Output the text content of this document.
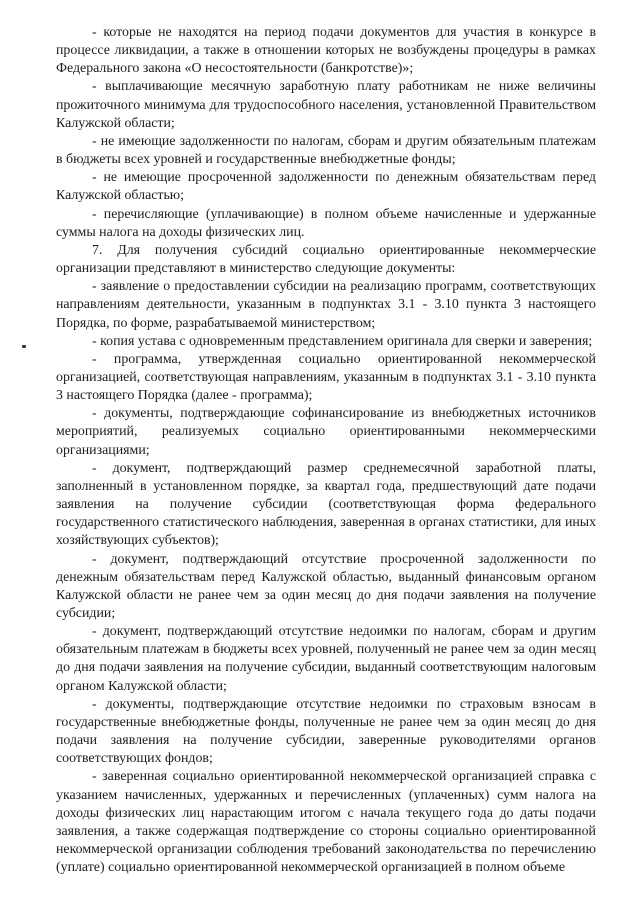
- которые не находятся на период подачи документов для участия в конкурсе в процессе ликвидации, а также в отношении которых не возбуждены процедуры в рамках Федерального закона «О несостоятельности (банкротстве)»;

- выплачивающие месячную заработную плату работникам не ниже величины прожиточного минимума для трудоспособного населения, установленной Правительством Калужской области;

- не имеющие задолженности по налогам, сборам и другим обязательным платежам в бюджеты всех уровней и государственные внебюджетные фонды;

- не имеющие просроченной задолженности по денежным обязательствам перед Калужской областью;

- перечисляющие (уплачивающие) в полном объеме начисленные и удержанные суммы налога на доходы физических лиц.

7. Для получения субсидий социально ориентированные некоммерческие организации представляют в министерство следующие документы:

- заявление о предоставлении субсидии на реализацию программ, соответствующих направлениям деятельности, указанным в подпунктах 3.1 - 3.10 пункта 3 настоящего Порядка, по форме, разрабатываемой министерством;

- копия устава с одновременным представлением оригинала для сверки и заверения;

- программа, утвержденная социально ориентированной некоммерческой организацией, соответствующая направлениям, указанным в подпунктах 3.1 - 3.10 пункта 3 настоящего Порядка (далее - программа);

- документы, подтверждающие софинансирование из внебюджетных источников мероприятий, реализуемых социально ориентированными некоммерческими организациями;

- документ, подтверждающий размер среднемесячной заработной платы, заполненный в установленном порядке, за квартал года, предшествующий дате подачи заявления на получение субсидии (соответствующая форма федерального государственного статистического наблюдения, заверенная в органах статистики, для иных хозяйствующих субъектов);

- документ, подтверждающий отсутствие просроченной задолженности по денежным обязательствам перед Калужской областью, выданный финансовым органом Калужской области не ранее чем за один месяц до дня подачи заявления на получение субсидии;

- документ, подтверждающий отсутствие недоимки по налогам, сборам и другим обязательным платежам в бюджеты всех уровней, полученный не ранее чем за один месяц до дня подачи заявления на получение субсидии, выданный соответствующим налоговым органом Калужской области;

- документы, подтверждающие отсутствие недоимки по страховым взносам в государственные внебюджетные фонды, полученные не ранее чем за один месяц до дня подачи заявления на получение субсидии, заверенные руководителями органов соответствующих фондов;

- заверенная социально ориентированной некоммерческой организацией справка с указанием начисленных, удержанных и перечисленных (уплаченных) сумм налога на доходы физических лиц нарастающим итогом с начала текущего года до даты подачи заявления, а также содержащая подтверждение со стороны социально ориентированной некоммерческой организации соблюдения требований законодательства по перечислению (уплате) социально ориентированной некоммерческой организацией в полном объеме
